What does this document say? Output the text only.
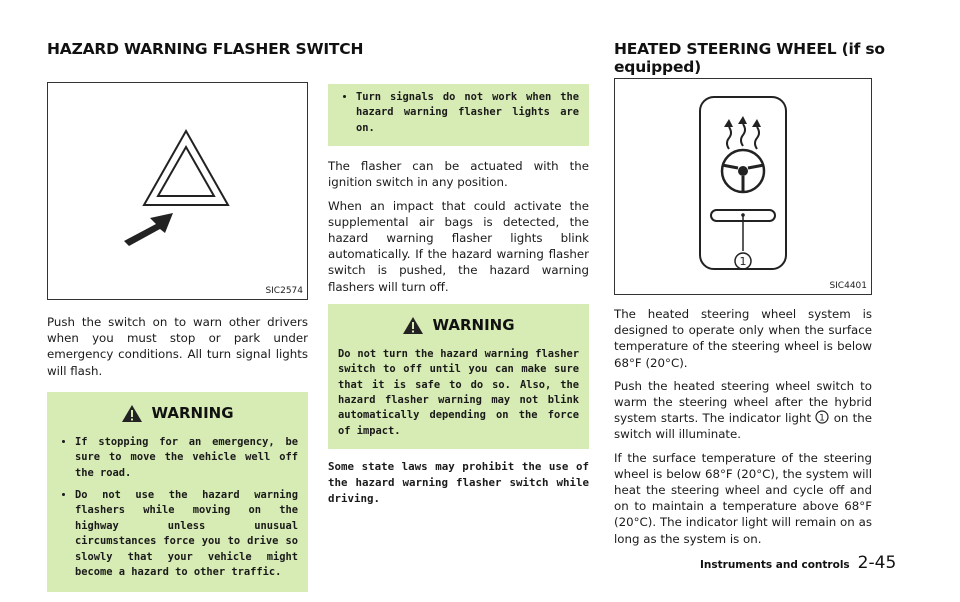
HAZARD WARNING FLASHER SWITCH	HEATED STEERING WHEEL (if so equipped)
SIC2574

Push the switch on to warn other drivers when you must stop or park under emergency conditions. All turn signal lights will flash.

WARNING
• If stopping for an emergency, be sure to move the vehicle well off the road.
• Do not use the hazard warning flashers while moving on the highway unless unusual circumstances force you to drive so slowly that your vehicle might become a hazard to other traffic.
• Turn signals do not work when the hazard warning flasher lights are on.

The flasher can be actuated with the ignition switch in any position.

When an impact that could activate the supplemental air bags is detected, the hazard warning flasher lights blink automatically. If the hazard warning flasher switch is pushed, the hazard warning flashers will turn off.

WARNING
Do not turn the hazard warning flasher switch to off until you can make sure that it is safe to do so. Also, the hazard flasher warning may not blink automatically depending on the force of impact.

Some state laws may prohibit the use of the hazard warning flasher switch while driving.

1
SIC4401

The heated steering wheel system is designed to operate only when the surface temperature of the steering wheel is below 68°F (20°C).

Push the heated steering wheel switch to warm the steering wheel after the hybrid system starts. The indicator light 1 on the switch will illuminate.

If the surface temperature of the steering wheel is below 68°F (20°C), the system will heat the steering wheel and cycle off and on to maintain a temperature above 68°F (20°C). The indicator light will remain on as long as the system is on.

Instruments and controls 2-45
